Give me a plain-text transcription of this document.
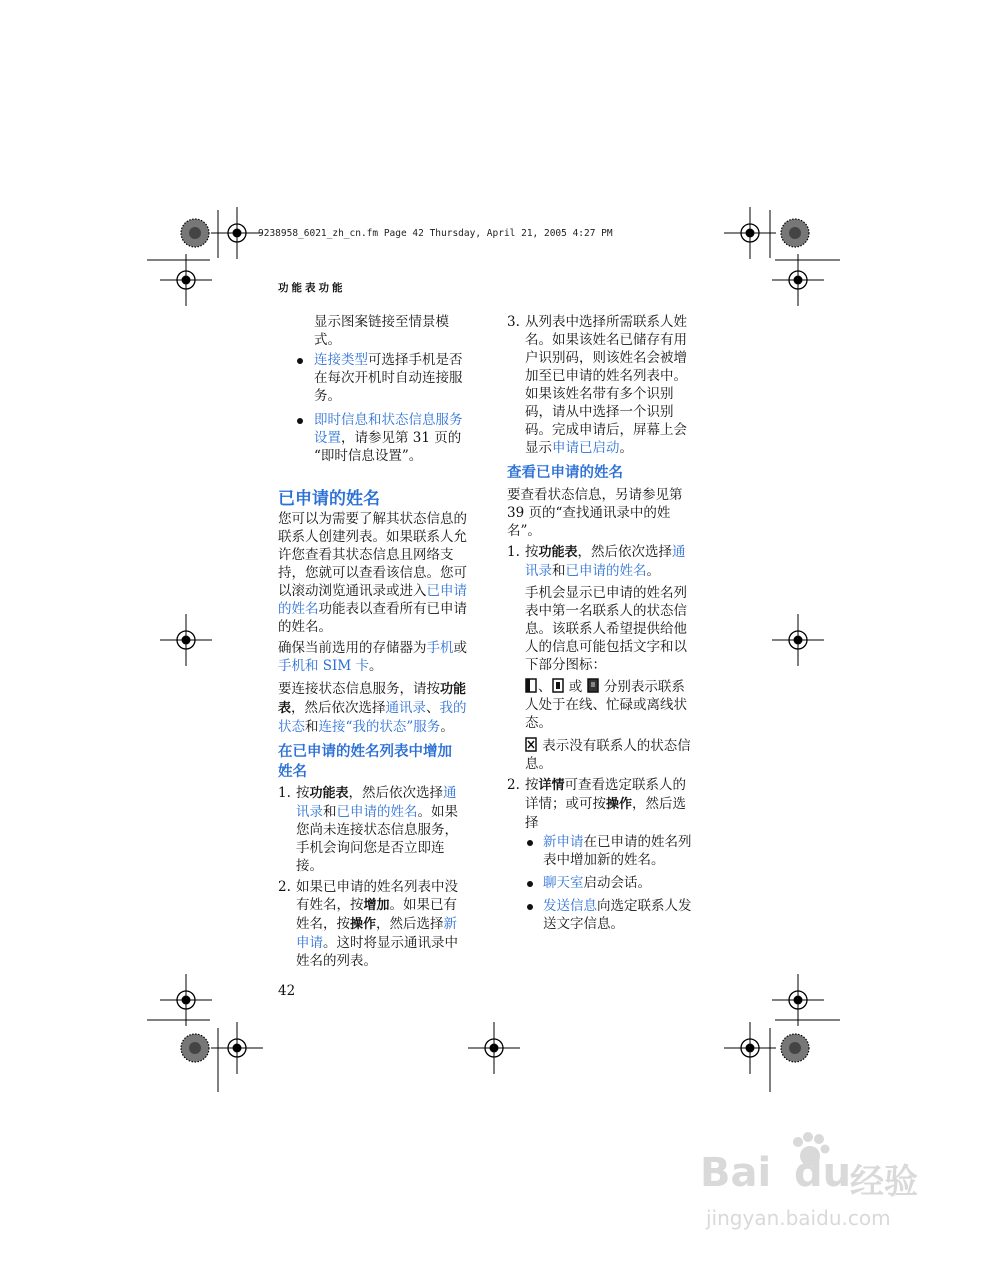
9238958_6021_zh_cn.fm Page 42 Thursday, April 21, 2005 4:27 PM
功能表功能
显示图案链接至情景模
式。
连接类型可选择手机是否
在每次开机时自动连接服
务。
即时信息和状态信息服务
设置，请参见第 31 页的
“即时信息设置”。
已申请的姓名
您可以为需要了解其状态信息的
联系人创建列表。如果联系人允
许您查看其状态信息且网络支
持，您就可以查看该信息。您可
以滚动浏览通讯录或进入已申请
的姓名功能表以查看所有已申请
的姓名。
确保当前选用的存储器为手机或
手机和 SIM 卡。
要连接状态信息服务，请按功能
表，然后依次选择通讯录、我的
状态和连接“我的状态”服务。
在已申请的姓名列表中增加
姓名
1. 按功能表，然后依次选择通
讯录和已申请的姓名。如果
您尚未连接状态信息服务，
手机会询问您是否立即连
接。
2. 如果已申请的姓名列表中没
有姓名，按增加。如果已有
姓名，按操作，然后选择新
申请。这时将显示通讯录中
姓名的列表。
42
3. 从列表中选择所需联系人姓
名。如果该姓名已储存有用
户识别码，则该姓名会被增
加至已申请的姓名列表中。
如果该姓名带有多个识别
码，请从中选择一个识别
码。完成申请后，屏幕上会
显示申请已启动。
查看已申请的姓名
要查看状态信息，另请参见第
39 页的“查找通讯录中的姓
名”。
1. 按功能表，然后依次选择通
讯录和已申请的姓名。
手机会显示已申请的姓名列
表中第一名联系人的状态信
息。该联系人希望提供给他
人的信息可能包括文字和以
下部分图标：
、 或  分别表示联系
人处于在线、忙碌或离线状
态。
表示没有联系人的状态信
息。
2. 按详情可查看选定联系人的
详情；或可按操作，然后选
择
新申请在已申请的姓名列
表中增加新的姓名。
聊天室启动会话。
发送信息向选定联系人发
送文字信息。
Bai du
经验
jingyan.baidu.com
